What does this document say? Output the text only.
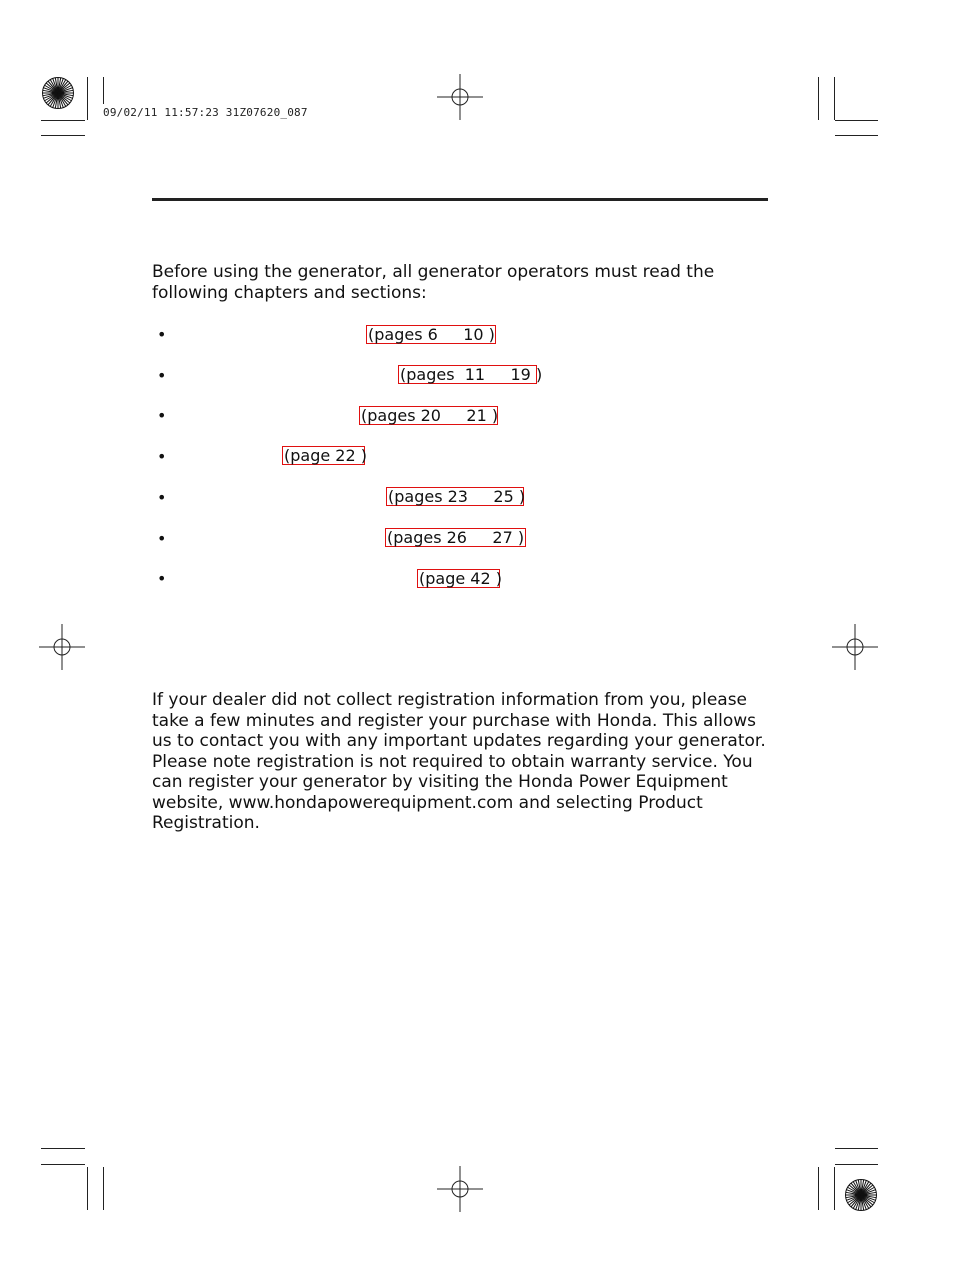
09/02/11 11:57:23 31Z07620_087
Before using the generator, all generator operators must read the following chapters and sections:
•	(pages 6     10 )
•	(pages  11     19 )
•	(pages 20     21 )
•	(page 22 )
•	(pages 23     25 )
•	(pages 26     27 )
•	(page 42 )
If your dealer did not collect registration information from you, please take a few minutes and register your purchase with Honda. This allows us to contact you with any important updates regarding your generator. Please note registration is not required to obtain warranty service. You can register your generator by visiting the Honda Power Equipment website, www.hondapowerequipment.com and selecting Product Registration.
